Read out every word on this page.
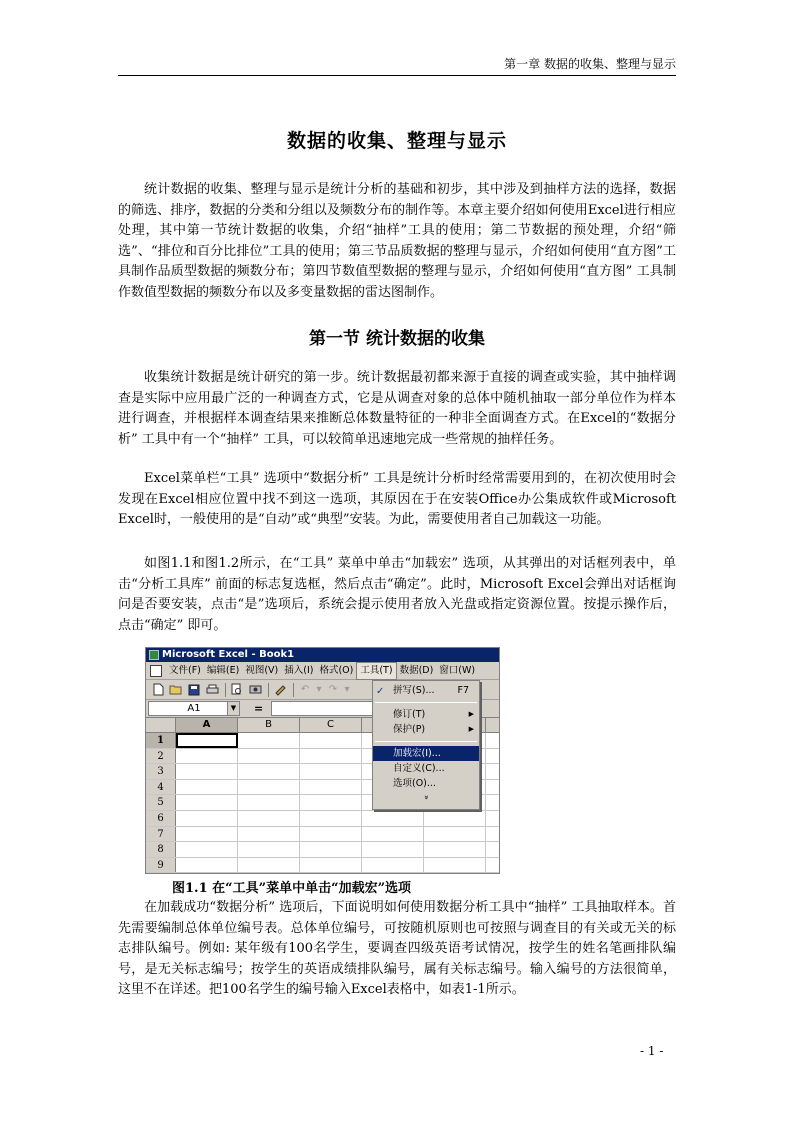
第一章 数据的收集、整理与显示
数据的收集、整理与显示

统计数据的收集、整理与显示是统计分析的基础和初步，其中涉及到抽样方法的选择，数据的筛选、排序，数据的分类和分组以及频数分布的制作等。本章主要介绍如何使用Excel进行相应处理，其中第一节统计数据的收集，介绍“抽样”工具的使用；第二节数据的预处理，介绍“筛选”、“排位和百分比排位”工具的使用；第三节品质数据的整理与显示，介绍如何使用“直方图”工具制作品质型数据的频数分布；第四节数值型数据的整理与显示，介绍如何使用“直方图” 工具制作数值型数据的频数分布以及多变量数据的雷达图制作。

第一节 统计数据的收集

收集统计数据是统计研究的第一步。统计数据最初都来源于直接的调查或实验，其中抽样调查是实际中应用最广泛的一种调查方式，它是从调查对象的总体中随机抽取一部分单位作为样本进行调查，并根据样本调查结果来推断总体数量特征的一种非全面调查方式。在Excel的“数据分析” 工具中有一个“抽样” 工具，可以较简单迅速地完成一些常规的抽样任务。

Excel菜单栏“工具” 选项中“数据分析” 工具是统计分析时经常需要用到的，在初次使用时会发现在Excel相应位置中找不到这一选项，其原因在于在安装Office办公集成软件或Microsoft Excel时，一般使用的是“自动”或“典型”安装。为此，需要使用者自己加载这一功能。

如图1.1和图1.2所示，在“工具” 菜单中单击“加载宏” 选项，从其弹出的对话框列表中，单击“分析工具库” 前面的标志复选框，然后点击“确定”。此时，Microsoft Excel会弹出对话框询问是否要安装，点击“是”选项后，系统会提示使用者放入光盘或指定资源位置。按提示操作后，点击“确定” 即可。

Microsoft Excel - Book1
文件(F) 编辑(E) 视图(V) 插入(I) 格式(O) 工具(T) 数据(D) 窗口(W)
↶ ▾ ↷ ▾
A1	▼ =
A	B	C
1
2
3
4
5
6
7
8
9
✓ 拼写(S)... F7
修订(T)	▶
保护(P)	▶
加载宏(I)...
自定义(C)...
选项(O)...
»
图1.1 在“工具”菜单中单击“加载宏”选项

在加载成功“数据分析” 选项后，下面说明如何使用数据分析工具中“抽样” 工具抽取样本。首先需要编制总体单位编号表。总体单位编号，可按随机原则也可按照与调查目的有关或无关的标志排队编号。例如: 某年级有100名学生，要调查四级英语考试情况，按学生的姓名笔画排队编号，是无关标志编号；按学生的英语成绩排队编号，属有关标志编号。输入编号的方法很简单，这里不在详述。把100名学生的编号输入Excel表格中，如表1-1所示。

- 1 -
